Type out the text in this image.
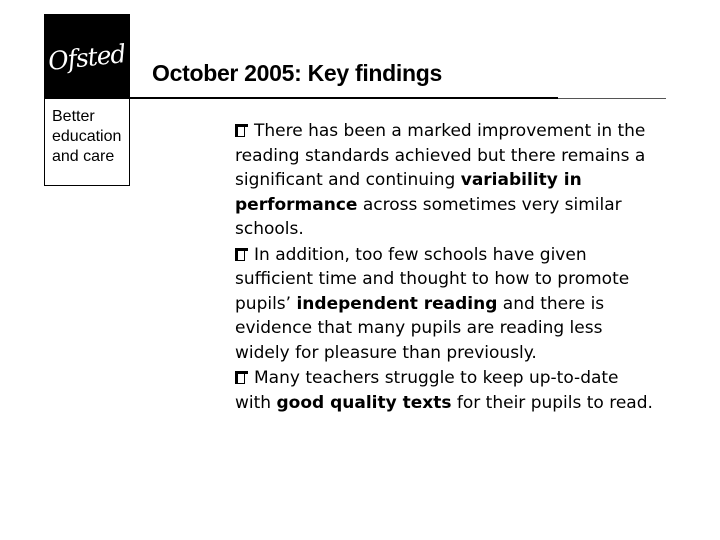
Ofsted
Better
education
and care
October 2005: Key findings
There has been a marked improvement in the reading standards achieved but there remains a significant and continuing variability in performance across sometimes very similar schools.
In addition, too few schools have given sufficient time and thought to how to promote pupils’ independent reading and there is evidence that many pupils are reading less widely for pleasure than previously.
Many teachers struggle to keep up-to-date with good quality texts for their pupils to read.
